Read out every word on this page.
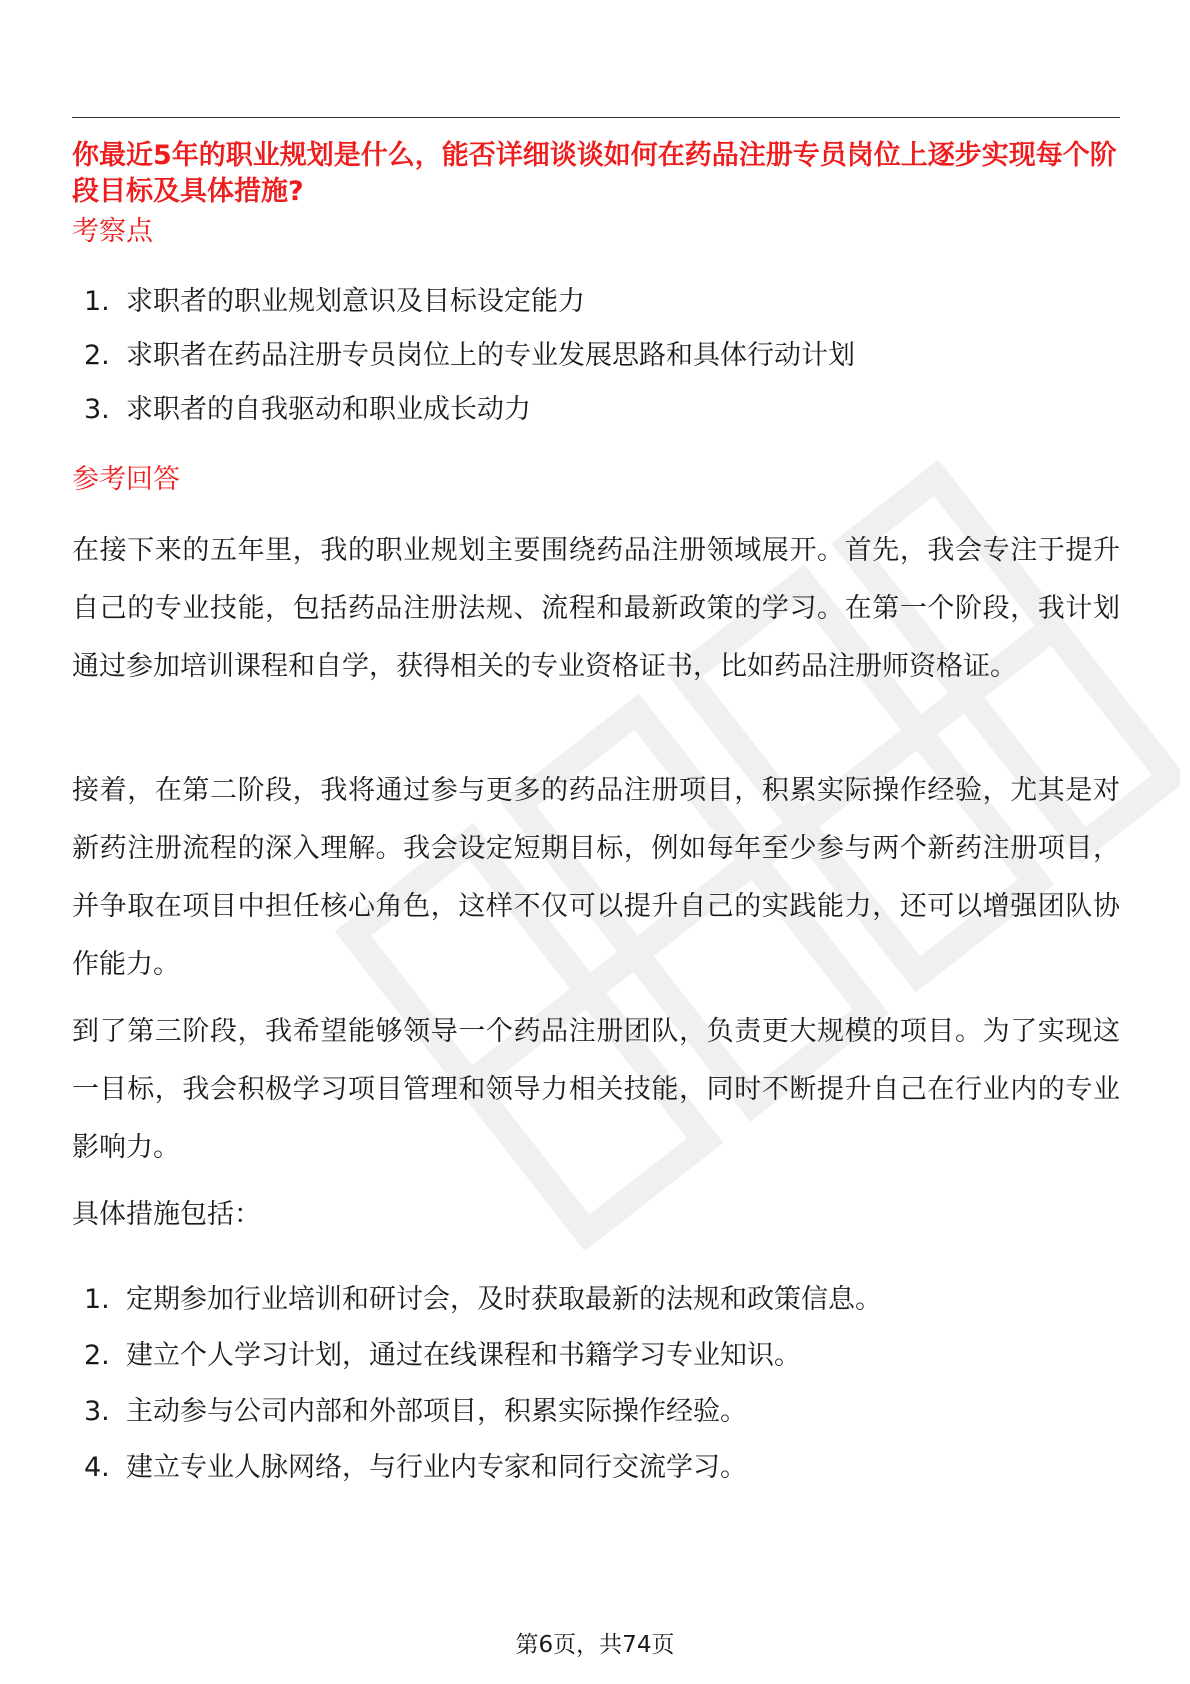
你最近5年的职业规划是什么，能否详细谈谈如何在药品注册专员岗位上逐步实现每个阶段目标及具体措施?
考察点
1. 求职者的职业规划意识及目标设定能力
2. 求职者在药品注册专员岗位上的专业发展思路和具体行动计划
3. 求职者的自我驱动和职业成长动力
参考回答

在接下来的五年里，我的职业规划主要围绕药品注册领域展开。首先，我会专注于提升自己的专业技能，包括药品注册法规、流程和最新政策的学习。在第一个阶段，我计划通过参加培训课程和自学，获得相关的专业资格证书，比如药品注册师资格证。

接着，在第二阶段，我将通过参与更多的药品注册项目，积累实际操作经验，尤其是对新药注册流程的深入理解。我会设定短期目标，例如每年至少参与两个新药注册项目，并争取在项目中担任核心角色，这样不仅可以提升自己的实践能力，还可以增强团队协作能力。

到了第三阶段，我希望能够领导一个药品注册团队，负责更大规模的项目。为了实现这一目标，我会积极学习项目管理和领导力相关技能，同时不断提升自己在行业内的专业影响力。

具体措施包括：

1. 定期参加行业培训和研讨会，及时获取最新的法规和政策信息。
2. 建立个人学习计划，通过在线课程和书籍学习专业知识。
3. 主动参与公司内部和外部项目，积累实际操作经验。
4. 建立专业人脉网络，与行业内专家和同行交流学习。
第6页，共74页
